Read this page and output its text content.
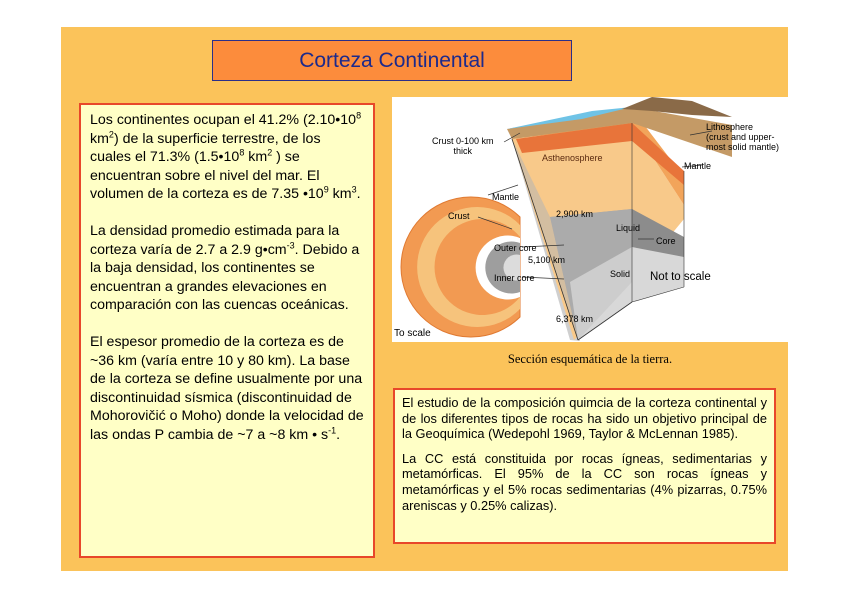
Corteza Continental

Los continentes ocupan el 41.2% ($2.10•10^8$ $km^2$) de la superficie terrestre, de los cuales el 71.3% ($1.5•10^8$ $km^2$ ) se encuentran sobre el nivel del mar. El volumen de la corteza es de 7.35 $•10^9$ $km^3$.

La densidad promedio estimada para la corteza varía de 2.7 a 2.9 $g•cm^{-3}$. Debido a la baja densidad, los continentes se encuentran a grandes elevaciones en comparación con las cuencas oceánicas.

El espesor promedio de la corteza es de ~36 km (varía entre 10 y 80 km). La base de la corteza se define usualmente por una discontinuidad sísmica (discontinuidad de Mohorovičić o Moho) donde la velocidad de las ondas P cambia de ~7 a ~8 km • $s^{-1}$.

Crust 0-100 km
thick
Lithosphere
(crust and upper-
most solid mantle)
Asthenosphere
Mantle
Mantle
Crust	2,900 km
Liquid
Outer core
Core
5,100 km
Solid
Inner core	Not to scale
6,378 km
To scale
Sección esquemática de la tierra.

El estudio de la composición quimcia de la corteza continental y de los diferentes tipos de rocas ha sido un objetivo principal de la Geoquímica (Wedepohl 1969, Taylor & McLennan 1985).

La CC está constituida por rocas ígneas, sedimentarias y metamórficas. El 95% de la CC son rocas ígneas y metamórficas y el 5% rocas sedimentarias (4% pizarras, 0.75% areniscas y 0.25% calizas).
